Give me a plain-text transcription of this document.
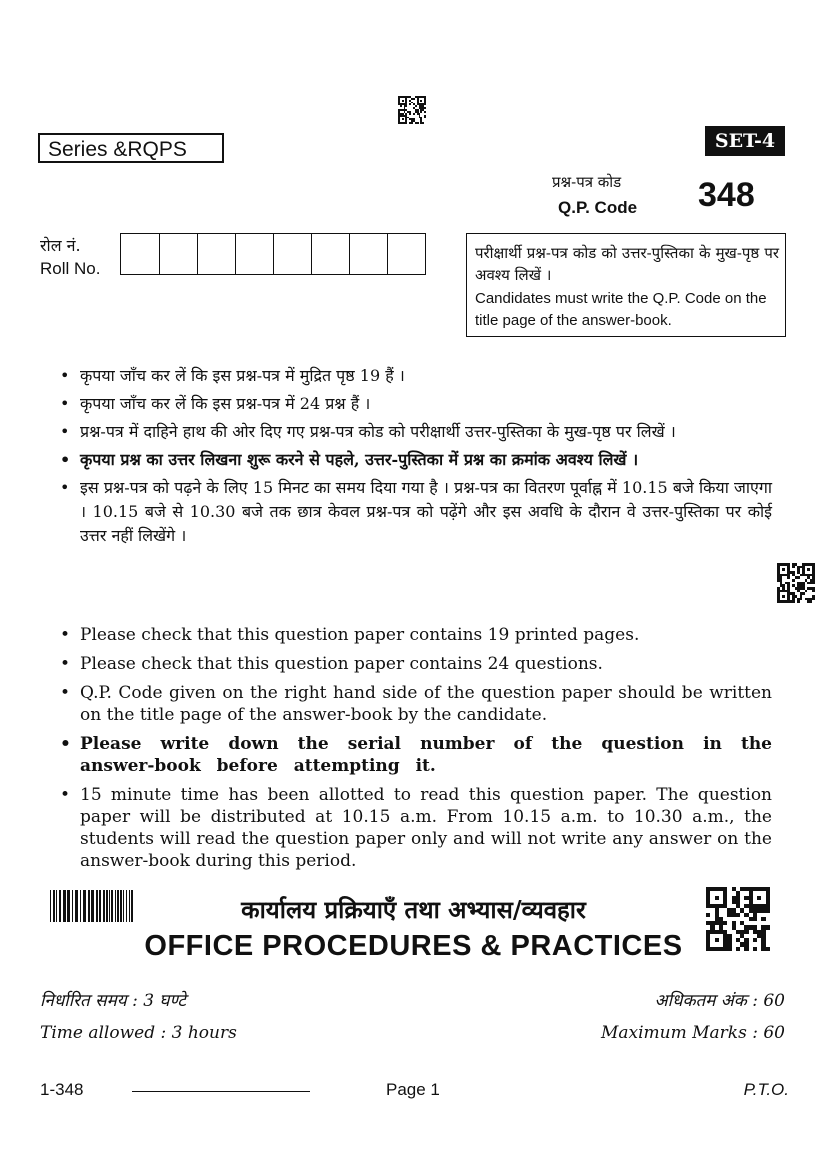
Series &RQPS	SET-4
प्रश्न-पत्र कोड
Q.P. Code 348
रोल नं.
Roll No.
परीक्षार्थी प्रश्न-पत्र कोड को उत्तर-पुस्तिका के मुख-पृष्ठ पर अवश्य लिखें ।
Candidates must write the Q.P. Code on the title page of the answer-book.
• कृपया जाँच कर लें कि इस प्रश्न-पत्र में मुद्रित पृष्ठ 19 हैं ।
• कृपया जाँच कर लें कि इस प्रश्न-पत्र में 24 प्रश्न हैं ।
• प्रश्न-पत्र में दाहिने हाथ की ओर दिए गए प्रश्न-पत्र कोड को परीक्षार्थी उत्तर-पुस्तिका के मुख-पृष्ठ पर लिखें ।
• कृपया प्रश्न का उत्तर लिखना शुरू करने से पहले, उत्तर-पुस्तिका में प्रश्न का क्रमांक अवश्य लिखें ।
• इस प्रश्न-पत्र को पढ़ने के लिए 15 मिनट का समय दिया गया है । प्रश्न-पत्र का वितरण पूर्वाह्न में 10.15 बजे किया जाएगा । 10.15 बजे से 10.30 बजे तक छात्र केवल प्रश्न-पत्र को पढ़ेंगे और इस अवधि के दौरान वे उत्तर-पुस्तिका पर कोई उत्तर नहीं लिखेंगे ।
• Please check that this question paper contains 19 printed pages.
• Please check that this question paper contains 24 questions.
• Q.P. Code given on the right hand side of the question paper should be written on the title page of the answer-book by the candidate.
• Please write down the serial number of the question in the answer-book before attempting it.
• 15 minute time has been allotted to read this question paper. The question paper will be distributed at 10.15 a.m. From 10.15 a.m. to 10.30 a.m., the students will read the question paper only and will not write any answer on the answer-book during this period.
कार्यालय प्रक्रियाएँ तथा अभ्यास/व्यवहार
OFFICE PROCEDURES & PRACTICES
निर्धारित समय : 3 घण्टे	अधिकतम अंक : 60
Time allowed : 3 hours	Maximum Marks : 60
1-348	Page 1	P.T.O.
